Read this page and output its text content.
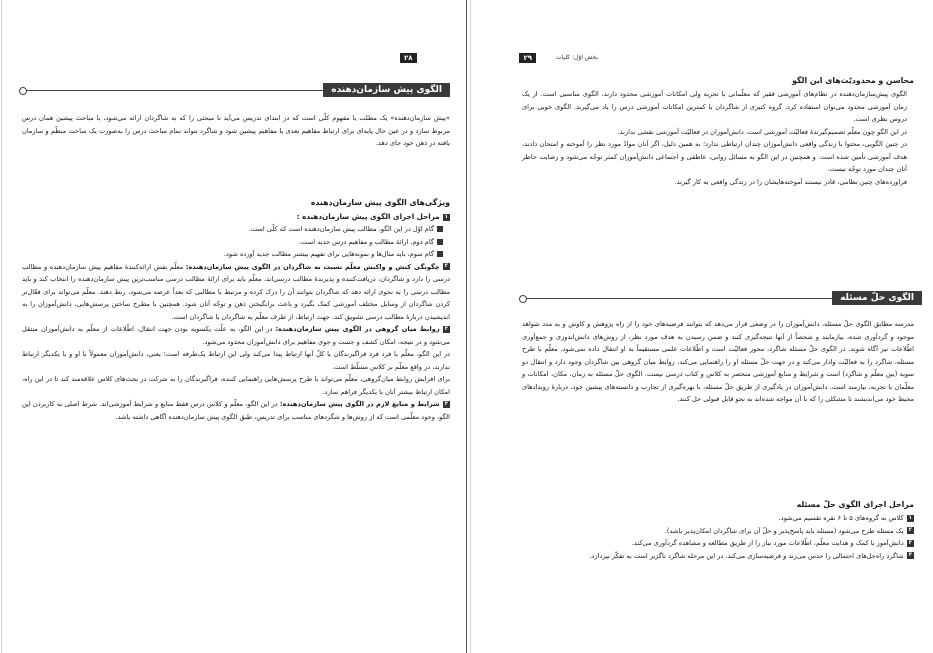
۲۸
الگوی پیش سازمان‌دهنده

«پیش سازمان‌دهنده» یک مطلب یا مفهوم کلّی است که در ابتدای تدریس می‌آید تا مبحثی را که به شاگردان ارائه می‌شود، با مباحث پیشین همان درس مربوط سازد و در عین حال پایه‌ای برای ارتباط مفاهیم بعدی یا مفاهیم پیشین شود و شاگرد بتواند تمام مباحث درس را به‌صورت یک ساخت منظّم و سازمان یافته در ذهن خود جای دهد.

ویژگی‌های الگوی پیش سازمان‌دهنده

۱مراحل اجرای الگوی پیش سازمان‌دهنده :

گام اوّل در این الگو، مطالب پیش سازمان‌دهنده است که کلّی است.
گام دوم، ارائهٔ مطالب و مفاهیم درس جدید است.
گام سوم، باید مثال‌ها و نمونه‌هایی برای تفهیم بیشتر مطالب جدید آورده شود.

۲چگونگی کنش و واکنش معلّم نسبت به شاگردان در الگوی پیش سازمان‌دهنده: معلّم نقش ارائه‌کنندهٔ مفاهیم پیش سازمان‌دهنده و مطالب درسی را دارد و شاگردان، دریافت‌کننده و پذیرندهٔ مطالب درسی‌اند. معلّم باید برای ارائهٔ مطالب درسی مناسب‌ترین پیش سازمان‌دهنده را انتخاب کند و باید مطالب درسی را به نحوی ارائه دهد که شاگردان بتوانند آن را درک کرده و مرتبط با مطالبی که بعداً عرضه می‌شود، ربط دهند. معلّم می‌تواند برای فعّال‌تر کردن شاگردان از وسایل مختلف آموزشی کمک بگیرد و باعث برانگیختن ذهن و توجّه آنان شود. همچنین با مطرح ساختن پرسش‌هایی، دانش‌آموزان را به اندیشیدن دربارهٔ مطالب درسی تشویق کند. جهت ارتباط، از طرف معلّم به شاگردان یا شاگردان است.

۳روابط میان گروهی در الگوی پیش سازمان‌دهنده: در این الگو، به علّت یکسویه بودن جهت انتقال، اطّلاعات از معلّم به دانش‌آموزان منتقل می‌شود و در نتیجه، امکان کشف و جست و جوی مفاهیم برای دانش‌آموزان محدود می‌شود.

در این الگو، معلّم با فرد فرد فراگیرندگان یا کلّ آنها ارتباط پیدا می‌کند ولی این ارتباط یک‌طرفه است؛ یعنی، دانش‌آموزان معمولاً با او و با یکدیگر ارتباط ندارند، در واقع معلّم بر کلاس مسلّط است.

برای افزایش روابط میان‌گروهی، معلّم می‌تواند با طرح پرسش‌هایی راهنمایی کننده، فراگیرندگان را به شرکت در بحث‌های کلاس علاقه‌مند کند تا در این راه، امکان ارتباط بیشتر آنان با یکدیگر فراهم سازد.

۴شرایط و منابع لازم در الگوی پیش سازمان‌دهنده: در این الگو، معلّم و کلاس درس فقط منابع و شرایط آموزشی‌اند. شرط اصلی به کاربردن این الگو، وجود معلّمی است که از روش‌ها و شگردهای مناسب برای تدریس، طبق الگوی پیش سازمان‌دهنده آگاهی داشته باشد.

۲۹	بخش اوّل: کلیات

محاسن و محدودیّت‌های این الگو

الگوی پیش‌سازمان‌دهنده در نظام‌های آموزشی فقیر که معلّمانی با تجربه ولی امکانات آموزشی محدود دارند، الگوی مناسبی است. از یک زمان آموزشی محدود می‌توان استفاده کرد، گروه کثیری از شاگردان با کمترین امکانات آموزشی درس را یاد می‌گیرند. الگوی خوبی برای دروس نظری است.

در این الگو چون معلّم تصمیم‌گیرندهٔ فعالیّت آموزشی است، دانش‌آموزان در فعالیّت آموزشی نقشی ندارند.

در چنین الگویی، محتوا با زندگی واقعی دانش‌آموزان چندان ارتباطی ندارد؛ به همین دلیل، اگر آنان موادّ مورد نظر را آموخته و امتحان دادند، هدف آموزشی تأمین شده است. و همچنین در این الگو به مسائل روانی، عاطفی و اجتماعی دانش‌آموزان کمتر توجّه می‌شود و رضایت خاطر آنان چندان مورد توجّه نیست.

فراورده‌های چنین نظامی، قادر نیستند آموخته‌هایشان را در زندگی واقعی به کار گیرند.

الگوی حلّ مسئله

مدرسه مطابق الگوی حلّ مسئله، دانش‌آموزان را در وضعی قرار می‌دهد که بتوانند فرضیه‌های خود را از راه پژوهش و کاوش و به مدد شواهد موجود و گردآوری شده، بیازمایند و شخصاً از آنها نتیجه‌گیری کنند و ضمن رسیدن به هدف مورد نظر، از روش‌های دانش‌اندوزی و جمع‌آوری اطّلاعات نیز آگاه شوند. در الگوی حلّ مسئله شاگرد، محور فعالیّت است و اطّلاعات علمی مستقیماً به او انتقال داده نمی‌شود. معلّم با طرح مسئله، شاگرد را به فعالیّت وادار می‌کند و در جهت حلّ مسئله او را راهنمایی می‌کند. روابط میان گروهی بین شاگردان وجود دارد و انتقال دو سویه (بین معلّم و شاگرد) است و شرایط و منابع آموزشی منحصر به کلاس و کتاب درسی نیست. الگوی حلّ مسئله به زمان، مکان، امکانات و معلّمان با تجربه، نیازمند است. دانش‌آموزان در یادگیری از طریق حلّ مسئله، با بهره‌گیری از تجارب و دانسته‌های پیشین خود، دربارهٔ رویدادهای محیط خود می‌اندیشند تا مشکلی را که با آن مواجه شده‌اند به نحو قابل قبولی حل کنند.

مراحل اجرای الگوی حلّ مسئله

۱کلاس به گروه‌های ۵ تا ۶ نفره تقسیم می‌شود.
۲یک مسئله طرح می‌شود (مسئله باید پاسخ‌پذیر و حلّ آن برای شاگردان امکان‌پذیر باشد).
۳دانش‌آموز با کمک و هدایت معلّم، اطّلاعات مورد نیاز را از طریق مطالعه و مشاهده گردآوری می‌کند.
۴شاگرد راه‌حل‌های احتمالی را حدس می‌زند و فرضیه‌سازی می‌کند. در این مرحله شاگرد ناگزیر است به تفکّر بپردازد.
